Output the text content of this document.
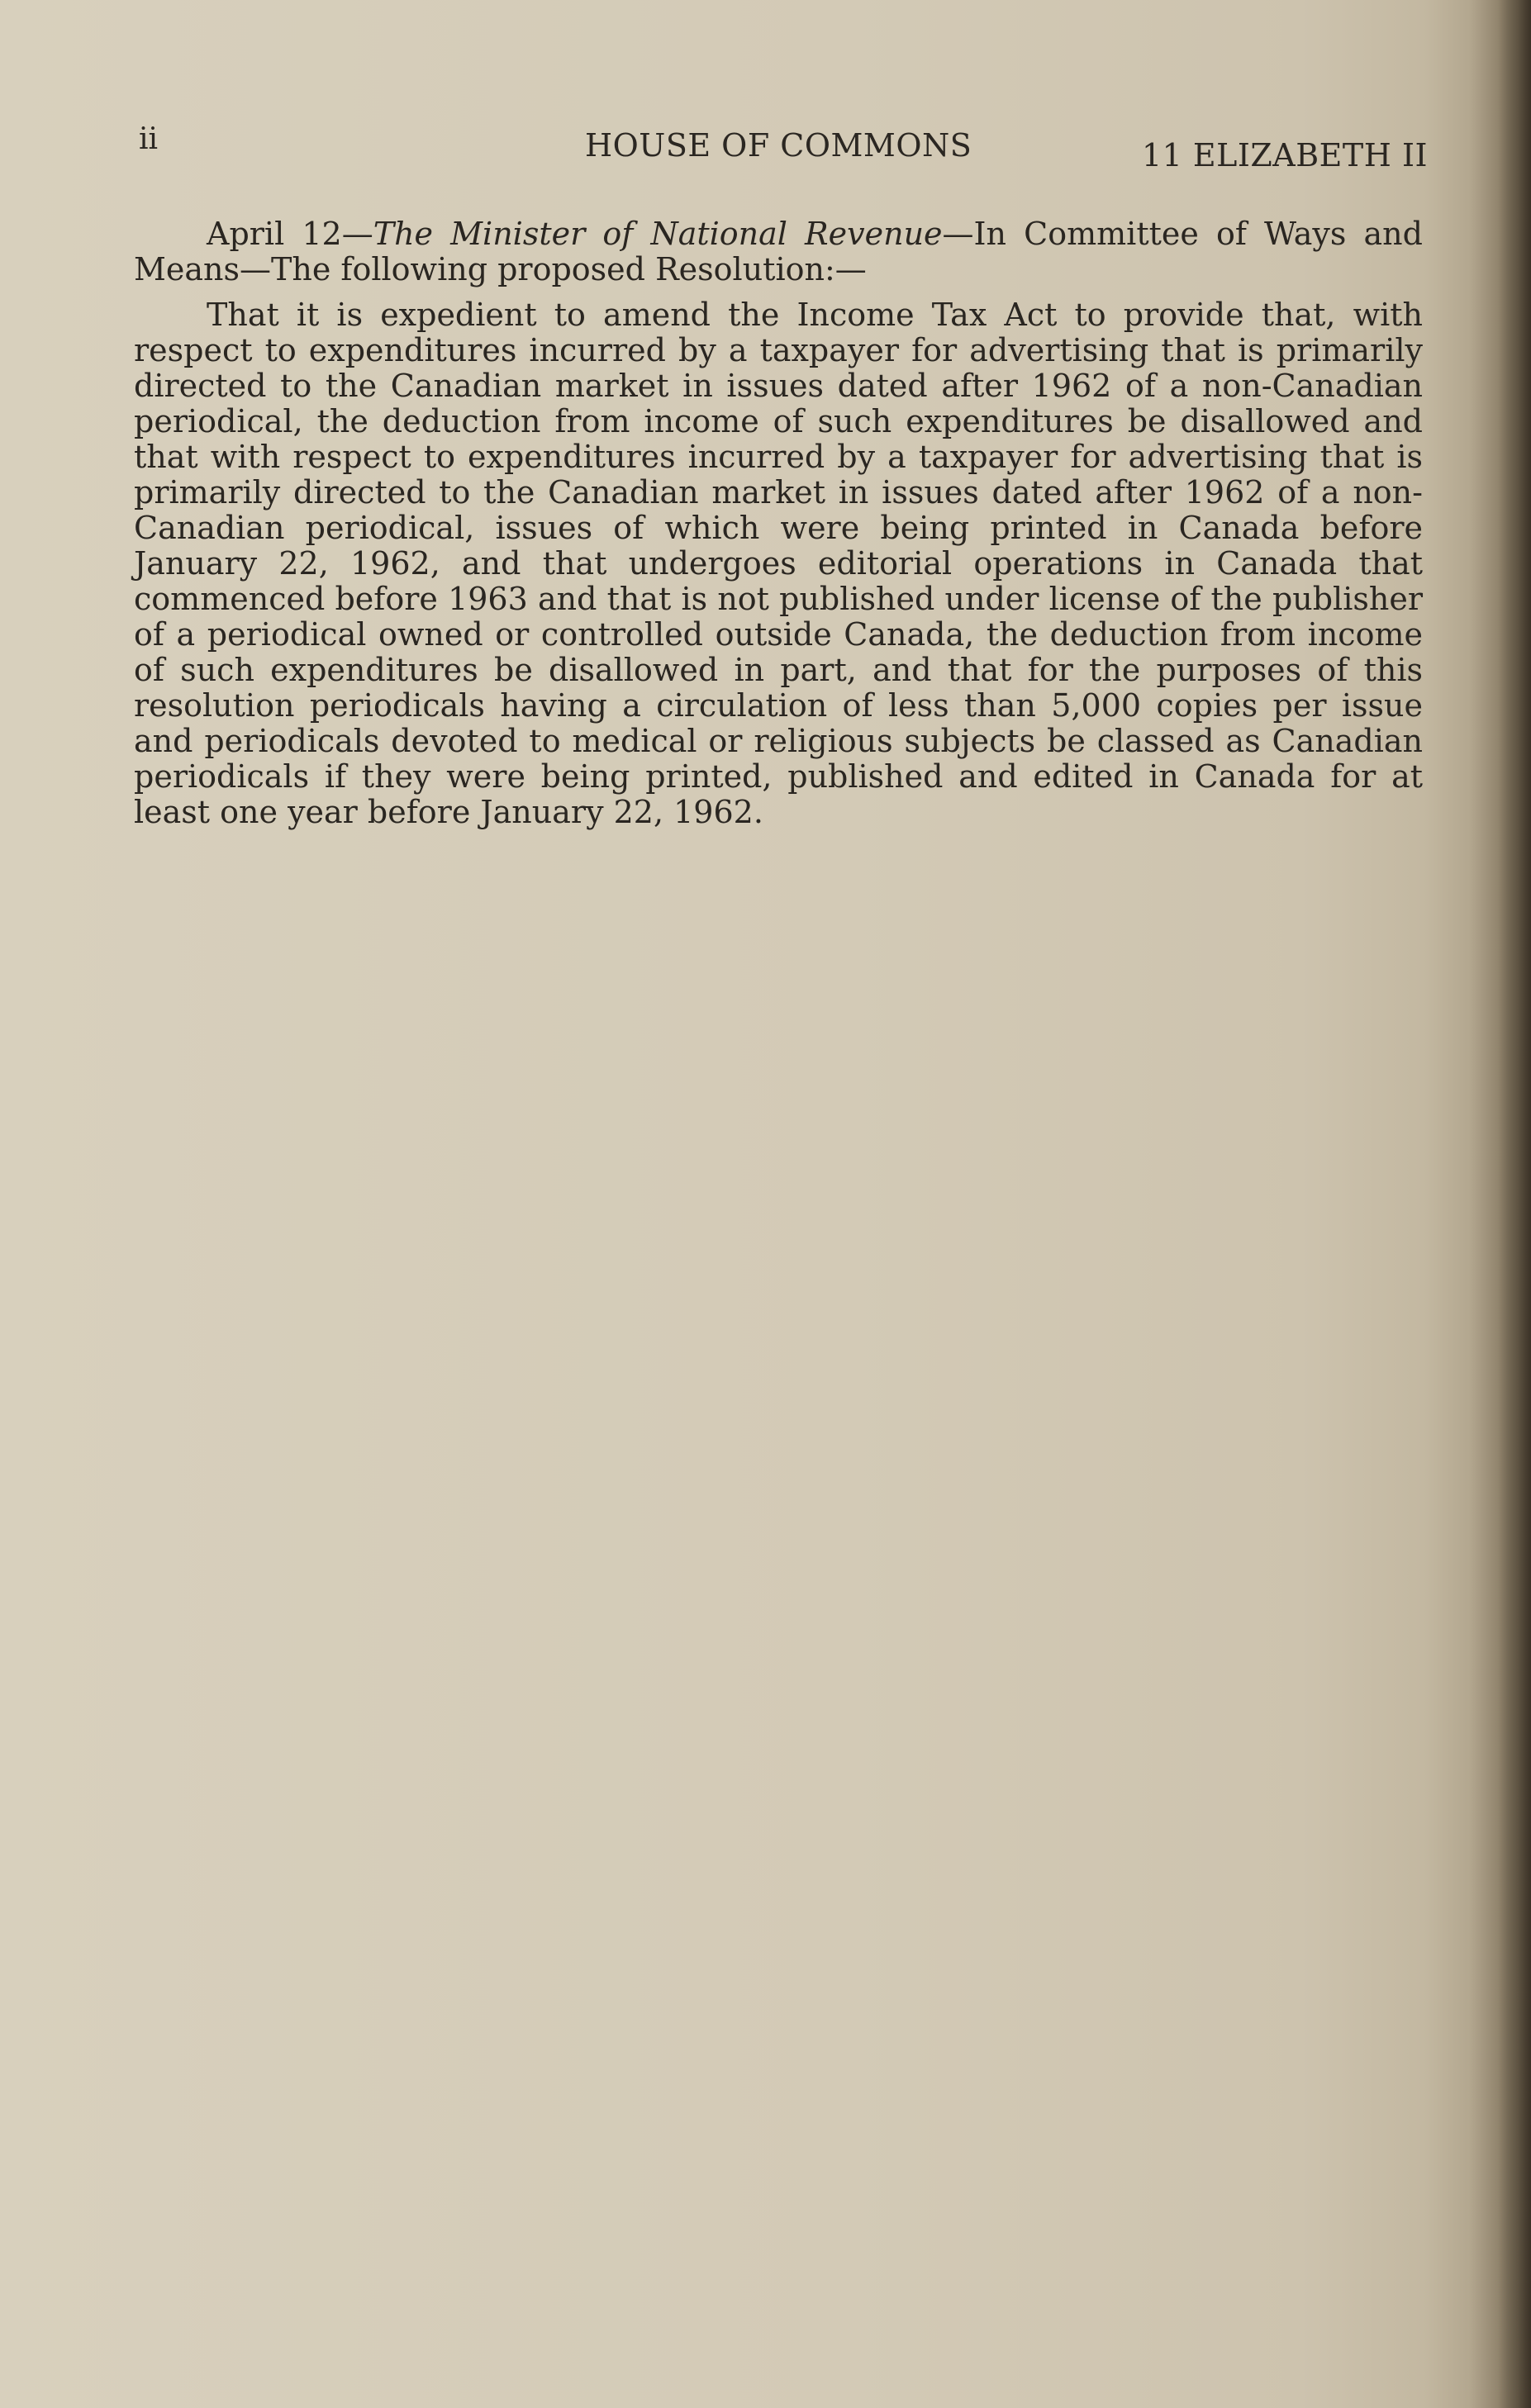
ii	HOUSE OF COMMONS	11 ELIZABETH II

April 12—The Minister of National Revenue—In Committee of Ways and Means—The following proposed Resolution:—

That it is expedient to amend the Income Tax Act to provide that, with respect to expenditures incurred by a taxpayer for advertising that is primarily directed to the Canadian market in issues dated after 1962 of a non-Canadian periodical, the deduction from income of such expenditures be disallowed and that with respect to expenditures incurred by a taxpayer for advertising that is primarily directed to the Canadian market in issues dated after 1962 of a non-Canadian periodical, issues of which were being printed in Canada before January 22, 1962, and that undergoes editorial operations in Canada that commenced before 1963 and that is not published under license of the publisher of a periodical owned or controlled outside Canada, the deduction from income of such expenditures be disallowed in part, and that for the purposes of this resolution periodicals having a circulation of less than 5,000 copies per issue and periodicals devoted to medical or religious subjects be classed as Canadian periodicals if they were being printed, published and edited in Canada for at least one year before January 22, 1962.
